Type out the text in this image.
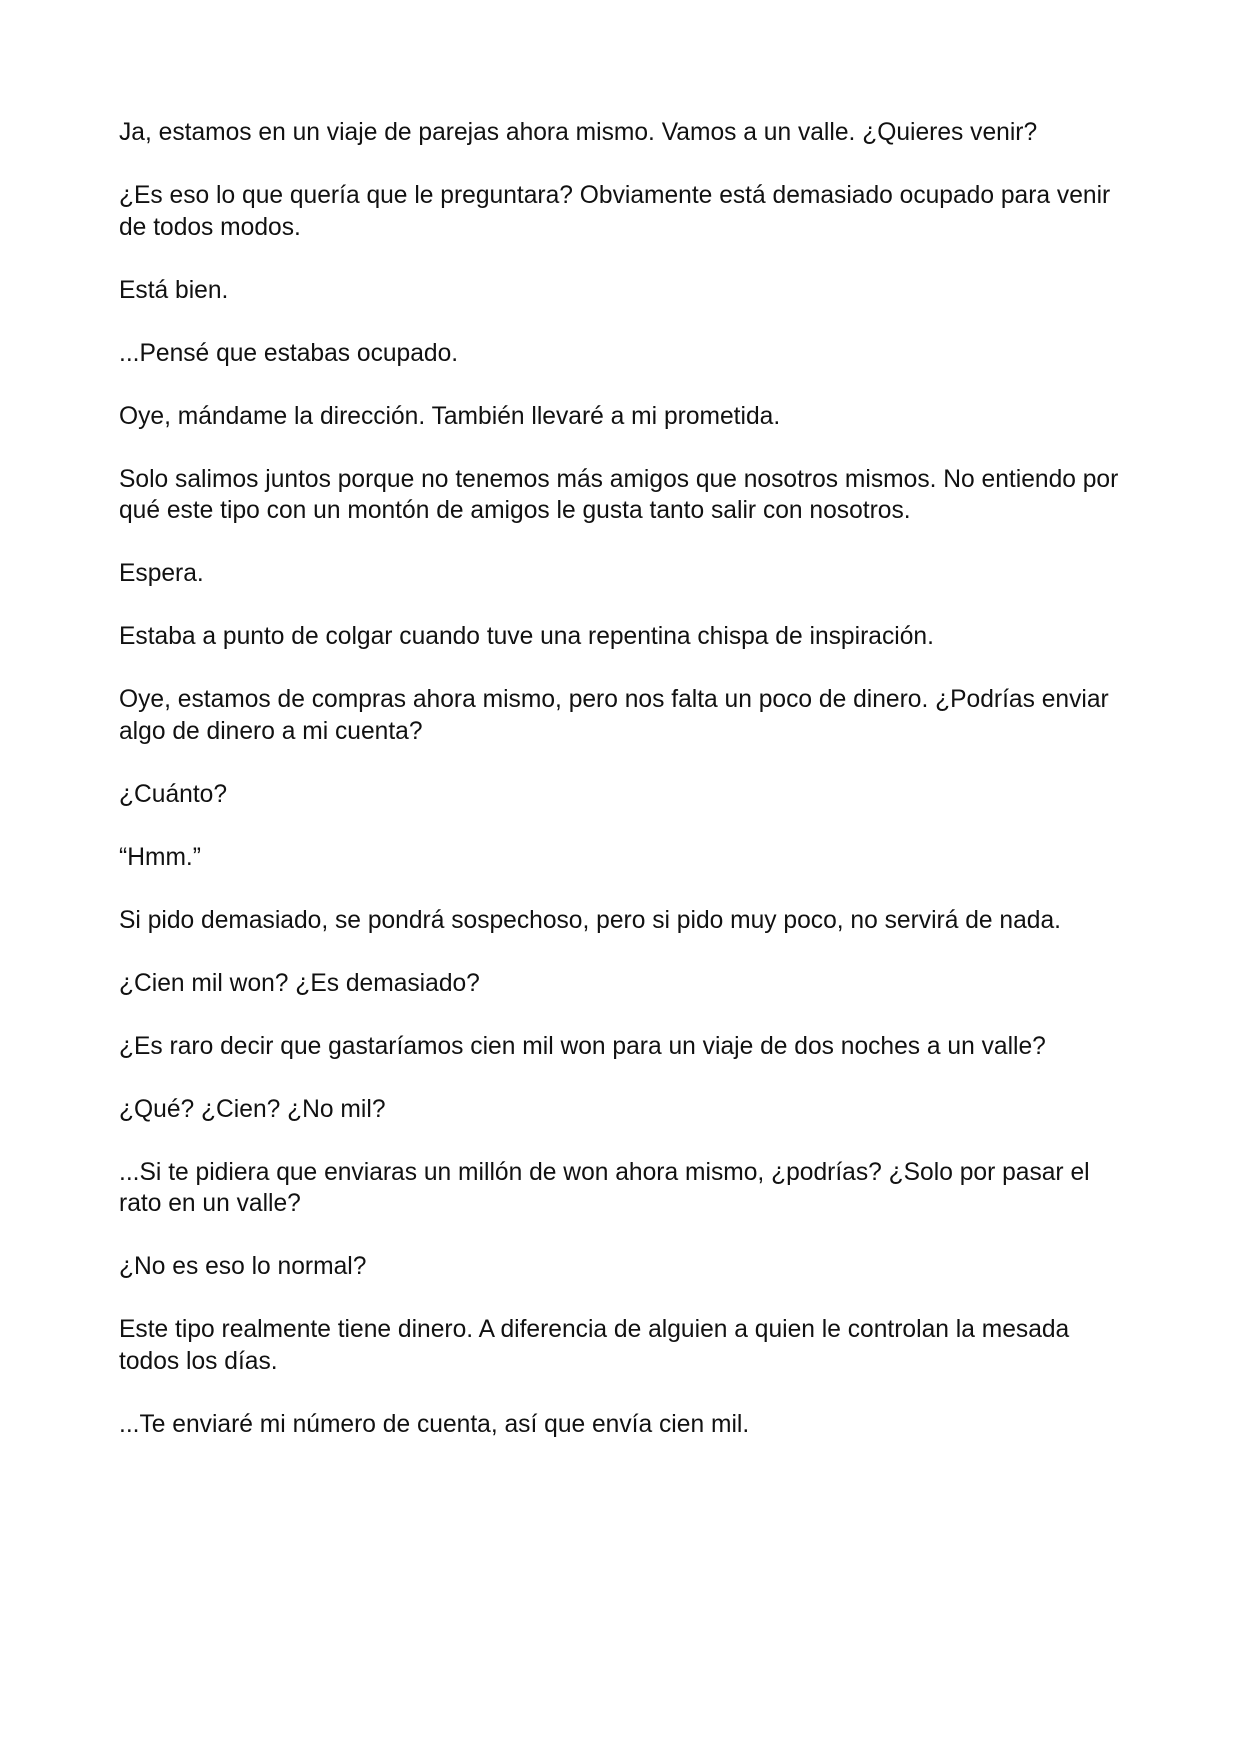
Ja, estamos en un viaje de parejas ahora mismo. Vamos a un valle. ¿Quieres venir?

¿Es eso lo que quería que le preguntara? Obviamente está demasiado ocupado para venir de todos modos.

Está bien.

...Pensé que estabas ocupado.

Oye, mándame la dirección. También llevaré a mi prometida.

Solo salimos juntos porque no tenemos más amigos que nosotros mismos. No entiendo por qué este tipo con un montón de amigos le gusta tanto salir con nosotros.

Espera.

Estaba a punto de colgar cuando tuve una repentina chispa de inspiración.

Oye, estamos de compras ahora mismo, pero nos falta un poco de dinero. ¿Podrías enviar algo de dinero a mi cuenta?

¿Cuánto?

“Hmm.”

Si pido demasiado, se pondrá sospechoso, pero si pido muy poco, no servirá de nada.

¿Cien mil won? ¿Es demasiado?

¿Es raro decir que gastaríamos cien mil won para un viaje de dos noches a un valle?

¿Qué? ¿Cien? ¿No mil?

...Si te pidiera que enviaras un millón de won ahora mismo, ¿podrías? ¿Solo por pasar el rato en un valle?

¿No es eso lo normal?

Este tipo realmente tiene dinero. A diferencia de alguien a quien le controlan la mesada todos los días.

...Te enviaré mi número de cuenta, así que envía cien mil.
